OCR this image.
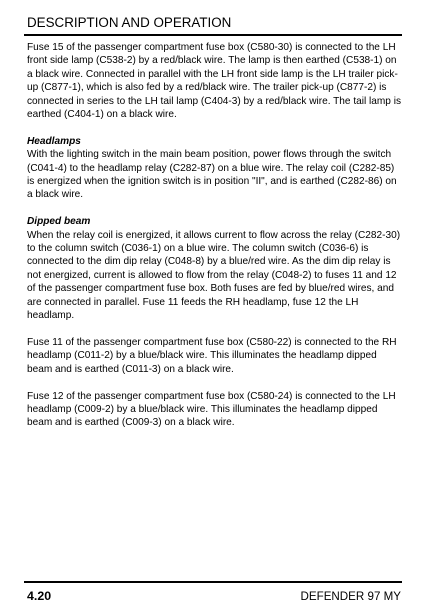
DESCRIPTION AND OPERATION

Fuse 15 of the passenger compartment fuse box (C580-30) is connected to the LH front side lamp (C538-2) by a red/black wire. The lamp is then earthed (C538-1) on a black wire. Connected in parallel with the LH front side lamp is the LH trailer pick-up (C877-1), which is also fed by a red/black wire. The trailer pick-up (C877-2) is connected in series to the LH tail lamp (C404-3) by a red/black wire. The tail lamp is earthed (C404-1) on a black wire.

Headlamps

With the lighting switch in the main beam position, power flows through the switch (C041-4) to the headlamp relay (C282-87) on a blue wire. The relay coil (C282-85) is energized when the ignition switch is in position "II", and is earthed (C282-86) on a black wire.

Dipped beam

When the relay coil is energized, it allows current to flow across the relay (C282-30) to the column switch (C036-1) on a blue wire. The column switch (C036-6) is connected to the dim dip relay (C048-8) by a blue/red wire. As the dim dip relay is not energized, current is allowed to flow from the relay (C048-2) to fuses 11 and 12 of the passenger compartment fuse box. Both fuses are fed by blue/red wires, and are connected in parallel. Fuse 11 feeds the RH headlamp, fuse 12 the LH headlamp.

Fuse 11 of the passenger compartment fuse box (C580-22) is connected to the RH headlamp (C011-2) by a blue/black wire. This illuminates the headlamp dipped beam and is earthed (C011-3) on a black wire.

Fuse 12 of the passenger compartment fuse box (C580-24) is connected to the LH headlamp (C009-2) by a blue/black wire. This illuminates the headlamp dipped beam and is earthed (C009-3) on a black wire.

4.20	DEFENDER 97 MY
